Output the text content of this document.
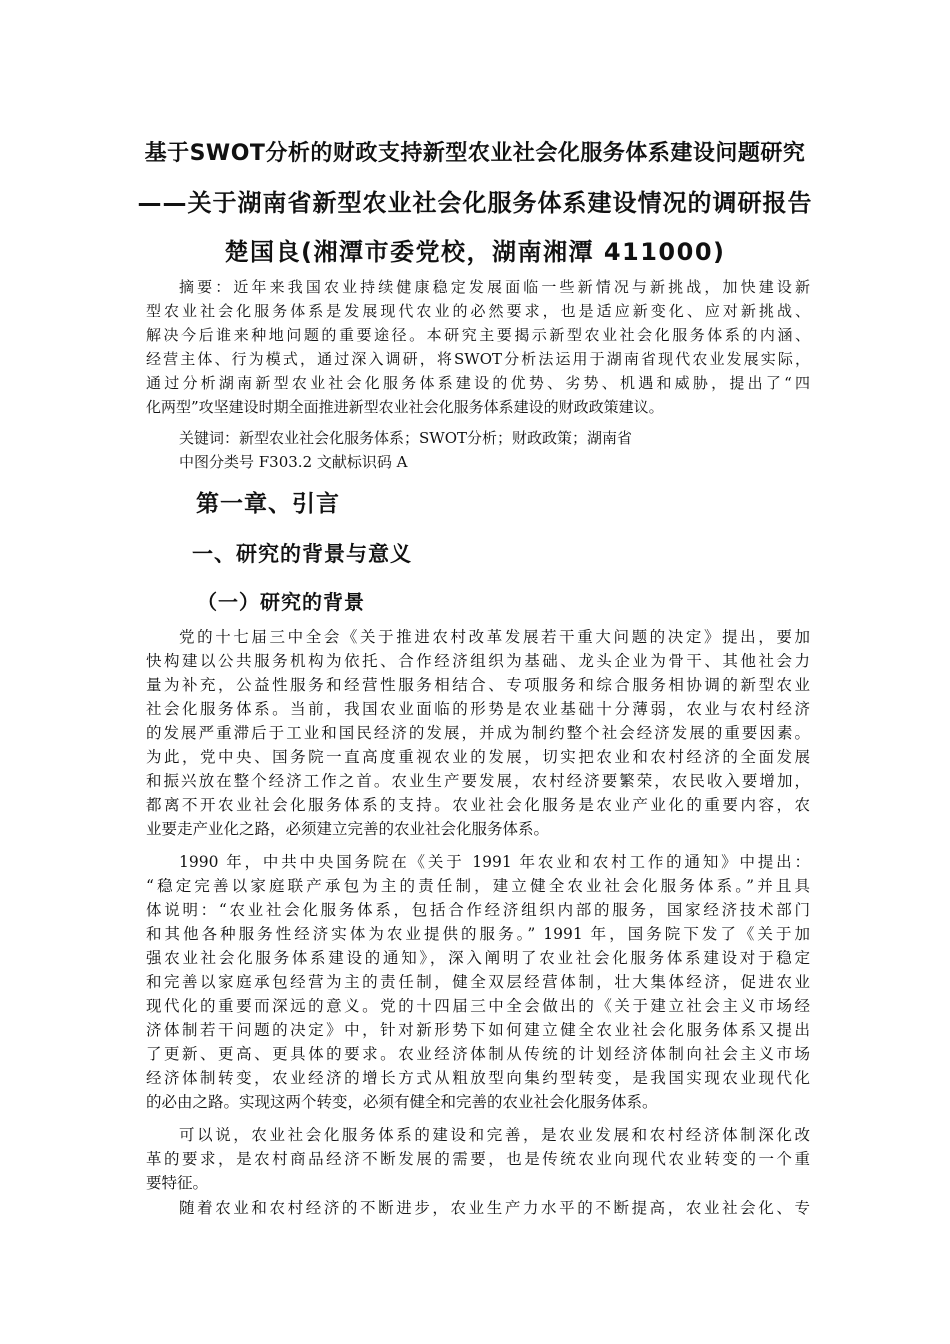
基于SWOT分析的财政支持新型农业社会化服务体系建设问题研究
——关于湖南省新型农业社会化服务体系建设情况的调研报告
楚国良(湘潭市委党校，湖南湘潭 411000)
摘要：近年来我国农业持续健康稳定发展面临一些新情况与新挑战，加快建设新
型农业社会化服务体系是发展现代农业的必然要求，也是适应新变化、应对新挑战、
解决今后谁来种地问题的重要途径。本研究主要揭示新型农业社会化服务体系的内涵、
经营主体、行为模式，通过深入调研，将SWOT分析法运用于湖南省现代农业发展实际，
通过分析湖南新型农业社会化服务体系建设的优势、劣势、机遇和威胁，提出了“四
化两型”攻坚建设时期全面推进新型农业社会化服务体系建设的财政政策建议。
关键词：新型农业社会化服务体系；SWOT分析；财政政策；湖南省
中图分类号 F303.2 文献标识码 A
第一章、引言
一、研究的背景与意义
（一）研究的背景
党的十七届三中全会《关于推进农村改革发展若干重大问题的决定》提出，要加
快构建以公共服务机构为依托、合作经济组织为基础、龙头企业为骨干、其他社会力
量为补充，公益性服务和经营性服务相结合、专项服务和综合服务相协调的新型农业
社会化服务体系。当前，我国农业面临的形势是农业基础十分薄弱，农业与农村经济
的发展严重滞后于工业和国民经济的发展，并成为制约整个社会经济发展的重要因素。
为此，党中央、国务院一直高度重视农业的发展，切实把农业和农村经济的全面发展
和振兴放在整个经济工作之首。农业生产要发展，农村经济要繁荣，农民收入要增加，
都离不开农业社会化服务体系的支持。农业社会化服务是农业产业化的重要内容，农
业要走产业化之路，必须建立完善的农业社会化服务体系。
1990 年，中共中央国务院在《关于 1991 年农业和农村工作的通知》中提出：
“稳定完善以家庭联产承包为主的责任制，建立健全农业社会化服务体系。”并且具
体说明：“农业社会化服务体系，包括合作经济组织内部的服务，国家经济技术部门
和其他各种服务性经济实体为农业提供的服务。” 1991 年，国务院下发了《关于加
强农业社会化服务体系建设的通知》，深入阐明了农业社会化服务体系建设对于稳定
和完善以家庭承包经营为主的责任制，健全双层经营体制，壮大集体经济，促进农业
现代化的重要而深远的意义。党的十四届三中全会做出的《关于建立社会主义市场经
济体制若干问题的决定》中，针对新形势下如何建立健全农业社会化服务体系又提出
了更新、更高、更具体的要求。农业经济体制从传统的计划经济体制向社会主义市场
经济体制转变，农业经济的增长方式从粗放型向集约型转变，是我国实现农业现代化
的必由之路。实现这两个转变，必须有健全和完善的农业社会化服务体系。
可以说，农业社会化服务体系的建设和完善，是农业发展和农村经济体制深化改
革的要求，是农村商品经济不断发展的需要，也是传统农业向现代农业转变的一个重
要特征。
随着农业和农村经济的不断进步，农业生产力水平的不断提高，农业社会化、专
